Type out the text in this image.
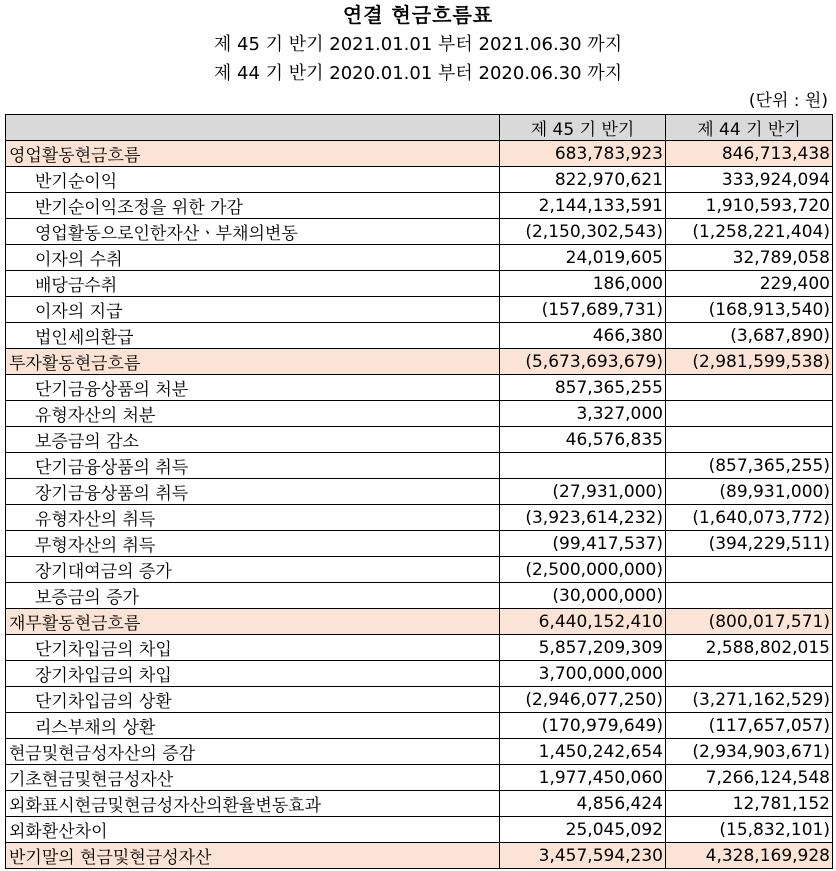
연결 현금흐름표
제 45 기 반기 2021.01.01 부터 2021.06.30 까지
제 44 기 반기 2020.01.01 부터 2020.06.30 까지
(단위 : 원)
	제 45 기 반기	제 44 기 반기
영업활동현금흐름	683,783,923	846,713,438
반기순이익	822,970,621	333,924,094
반기순이익조정을 위한 가감	2,144,133,591	1,910,593,720
영업활동으로인한자산ㆍ부채의변동	(2,150,302,543)	(1,258,221,404)
이자의 수취	24,019,605	32,789,058
배당금수취	186,000	229,400
이자의 지급	(157,689,731)	(168,913,540)
법인세의환급	466,380	(3,687,890)
투자활동현금흐름	(5,673,693,679)	(2,981,599,538)
단기금융상품의 처분	857,365,255	
유형자산의 처분	3,327,000	
보증금의 감소	46,576,835	
단기금융상품의 취득		(857,365,255)
장기금융상품의 취득	(27,931,000)	(89,931,000)
유형자산의 취득	(3,923,614,232)	(1,640,073,772)
무형자산의 취득	(99,417,537)	(394,229,511)
장기대여금의 증가	(2,500,000,000)	
보증금의 증가	(30,000,000)	
재무활동현금흐름	6,440,152,410	(800,017,571)
단기차입금의 차입	5,857,209,309	2,588,802,015
장기차입금의 차입	3,700,000,000	
단기차입금의 상환	(2,946,077,250)	(3,271,162,529)
리스부채의 상환	(170,979,649)	(117,657,057)
현금및현금성자산의 증감	1,450,242,654	(2,934,903,671)
기초현금및현금성자산	1,977,450,060	7,266,124,548
외화표시현금및현금성자산의환율변동효과	4,856,424	12,781,152
외화환산차이	25,045,092	(15,832,101)
반기말의 현금및현금성자산	3,457,594,230	4,328,169,928
